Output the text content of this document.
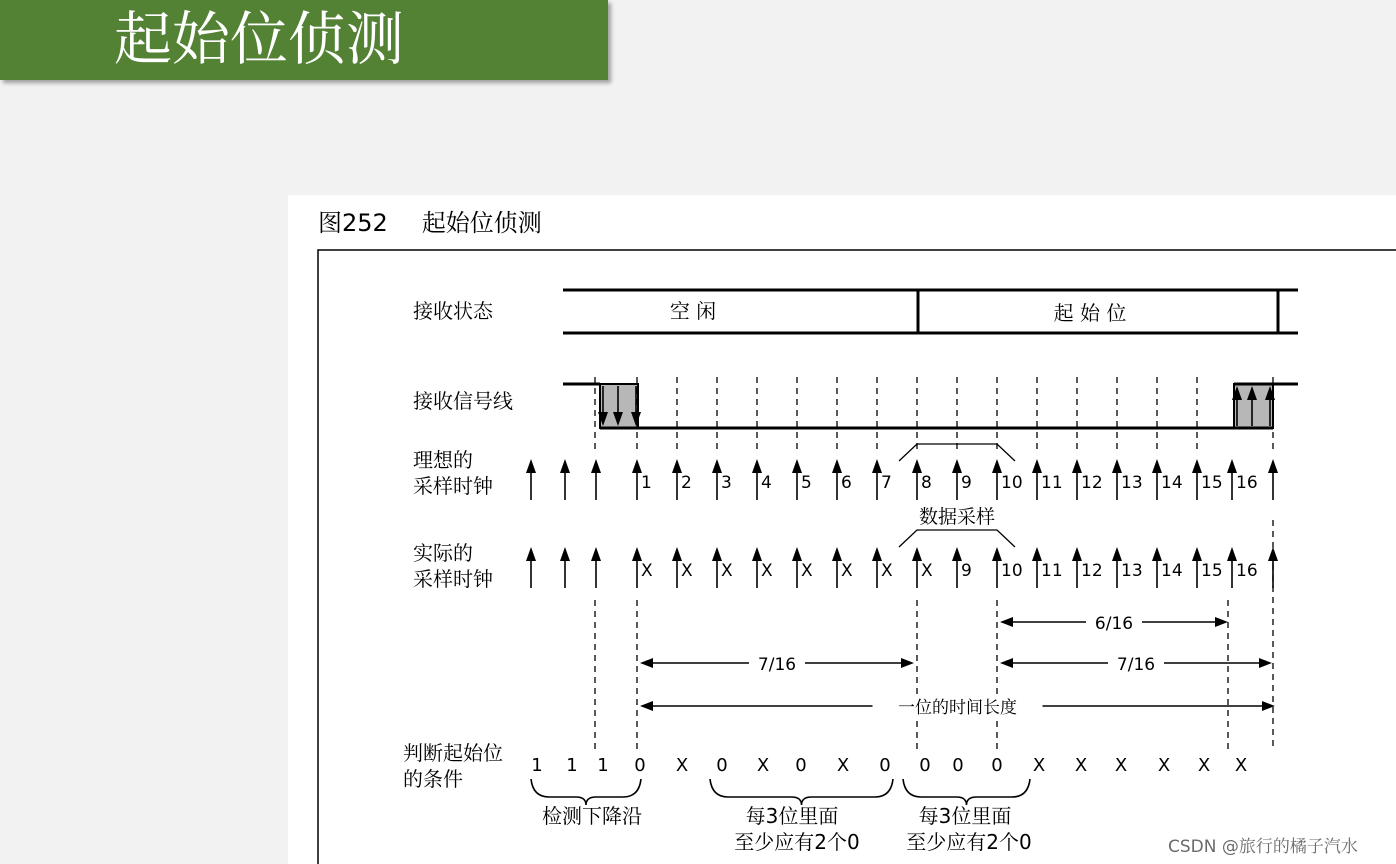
起始位侦测
图252 起始位侦测
接收状态
接收信号线
理想的
采样时钟
实际的
采样时钟
判断起始位
的条件
空 闲	起 始 位
1 2 3 4 5 6 7 8 9 10 11 12 13 14 15 16
数据采样
X X X X X X X X 9 10 11 12 13 14 15 16
6/16
7/16	7/16
一位的时间长度
1 1 1 0 X 0 X 0 X 0 0 0 0 X X X X X X
检测下降沿	每3位里面
至少应有2个0
每3位里面
至少应有2个0	CSDN @旅行的橘子汽水
